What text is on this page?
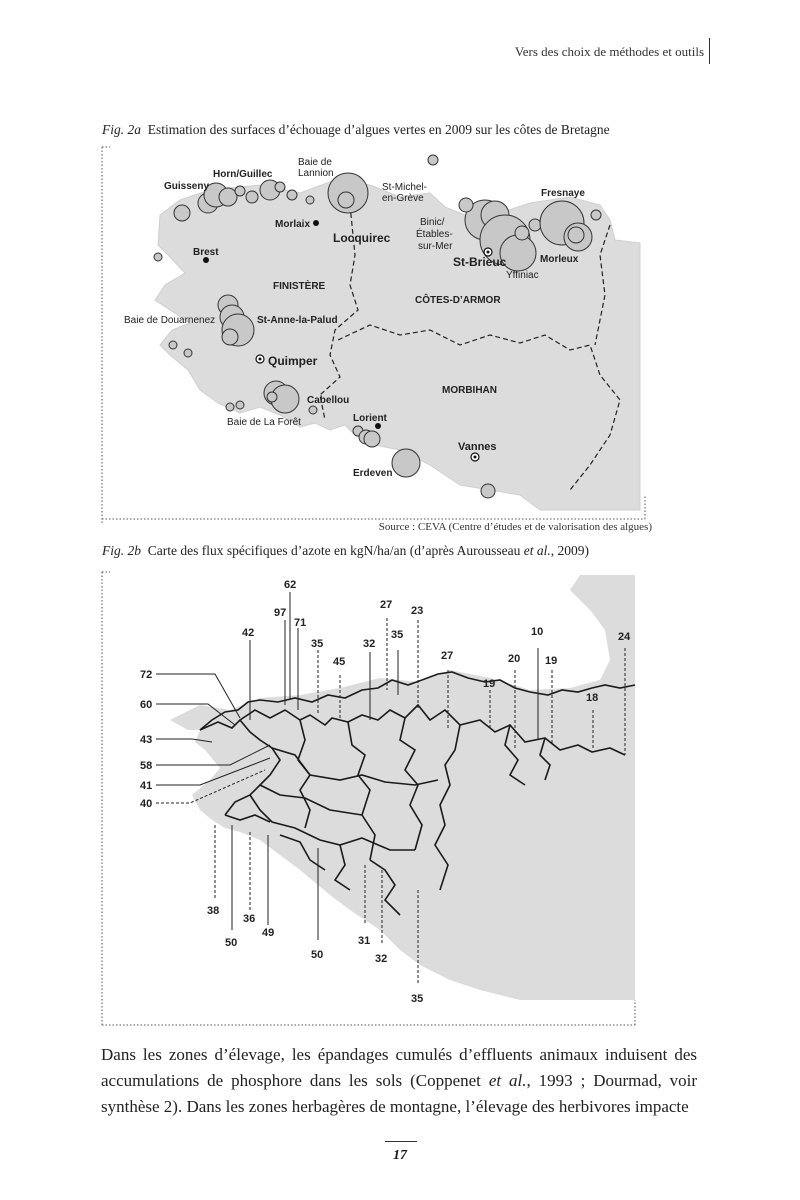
Vers des choix de méthodes et outils
Fig. 2a Estimation des surfaces d’échouage d’algues vertes en 2009 sur les côtes de Bretagne
Baie de
Lannion
Horn/Guillec
Guisseny	St-Michel-
en-Grève	Fresnaye
Morlaix
Locquirec
Binic/
Étables-
sur-Mer
Brest
St-Brieuc	Morleux
Yffiniac
FINISTÈRE
CÔTES-D’ARMOR
Baie de Douarnenez	St-Anne-la-Palud
Quimper
MORBIHAN
Cabellou
Baie de La Forêt	Lorient
Vannes
Erdeven
Source : CEVA (Centre d’études et de valorisation des algues)
Fig. 2b Carte des flux spécifiques d’azote en kgN/ha/an (d’après Aurousseau et al., 2009)
62
97
71
42
35	32
27 23
35
45
10	24
27	20 19
19
18
72
60
43
58
41
40
38
36
49
50
50
31
32
35
Dans les zones d’élevage, les épandages cumulés d’effluents animaux induisent des accumulations de phosphore dans les sols (Coppenet et al., 1993 ; Dourmad, voir synthèse 2). Dans les zones herbagères de montagne, l’élevage des herbivores impacte
17
